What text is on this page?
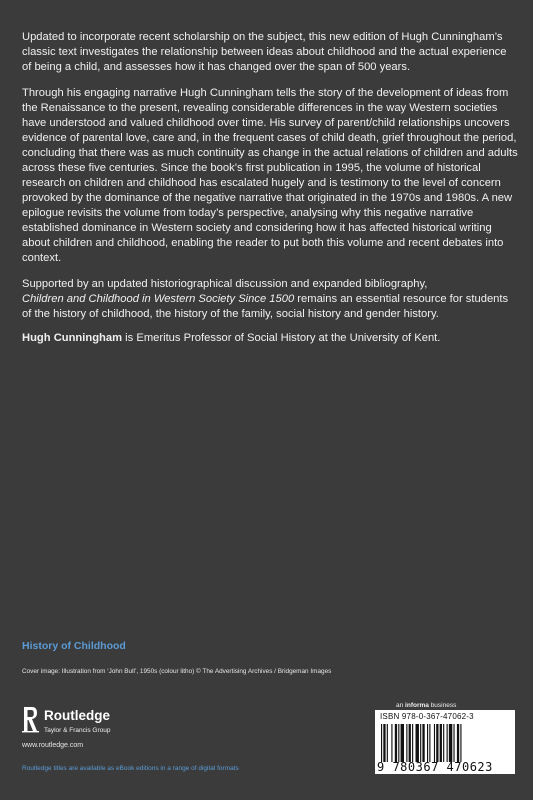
Updated to incorporate recent scholarship on the subject, this new edition of Hugh Cunningham’s classic text investigates the relationship between ideas about childhood and the actual experience of being a child, and assesses how it has changed over the span of 500 years.

Through his engaging narrative Hugh Cunningham tells the story of the development of ideas from the Renaissance to the present, revealing considerable differences in the way Western societies have understood and valued childhood over time. His survey of parent/child relationships uncovers evidence of parental love, care and, in the frequent cases of child death, grief throughout the period, concluding that there was as much continuity as change in the actual relations of children and adults across these five centuries. Since the book’s first publication in 1995, the volume of historical research on children and childhood has escalated hugely and is testimony to the level of concern provoked by the dominance of the negative narrative that originated in the 1970s and 1980s. A new epilogue revisits the volume from today’s perspective, analysing why this negative narrative established dominance in Western society and considering how it has affected historical writing about children and childhood, enabling the reader to put both this volume and recent debates into context.

Supported by an updated historiographical discussion and expanded bibliography,
Children and Childhood in Western Society Since 1500 remains an essential resource for students of the history of childhood, the history of the family, social history and gender history.

Hugh Cunningham is Emeritus Professor of Social History at the University of Kent.

History of Childhood
Cover image: Illustration from ‘John Bull’, 1950s (colour litho) © The Advertising Archives / Bridgeman Images
Routledge
Taylor & Francis Group
www.routledge.com
an informa business
ISBN 978-0-367-47062-3
9 780367 470623
Routledge titles are available as eBook editions in a range of digital formats
